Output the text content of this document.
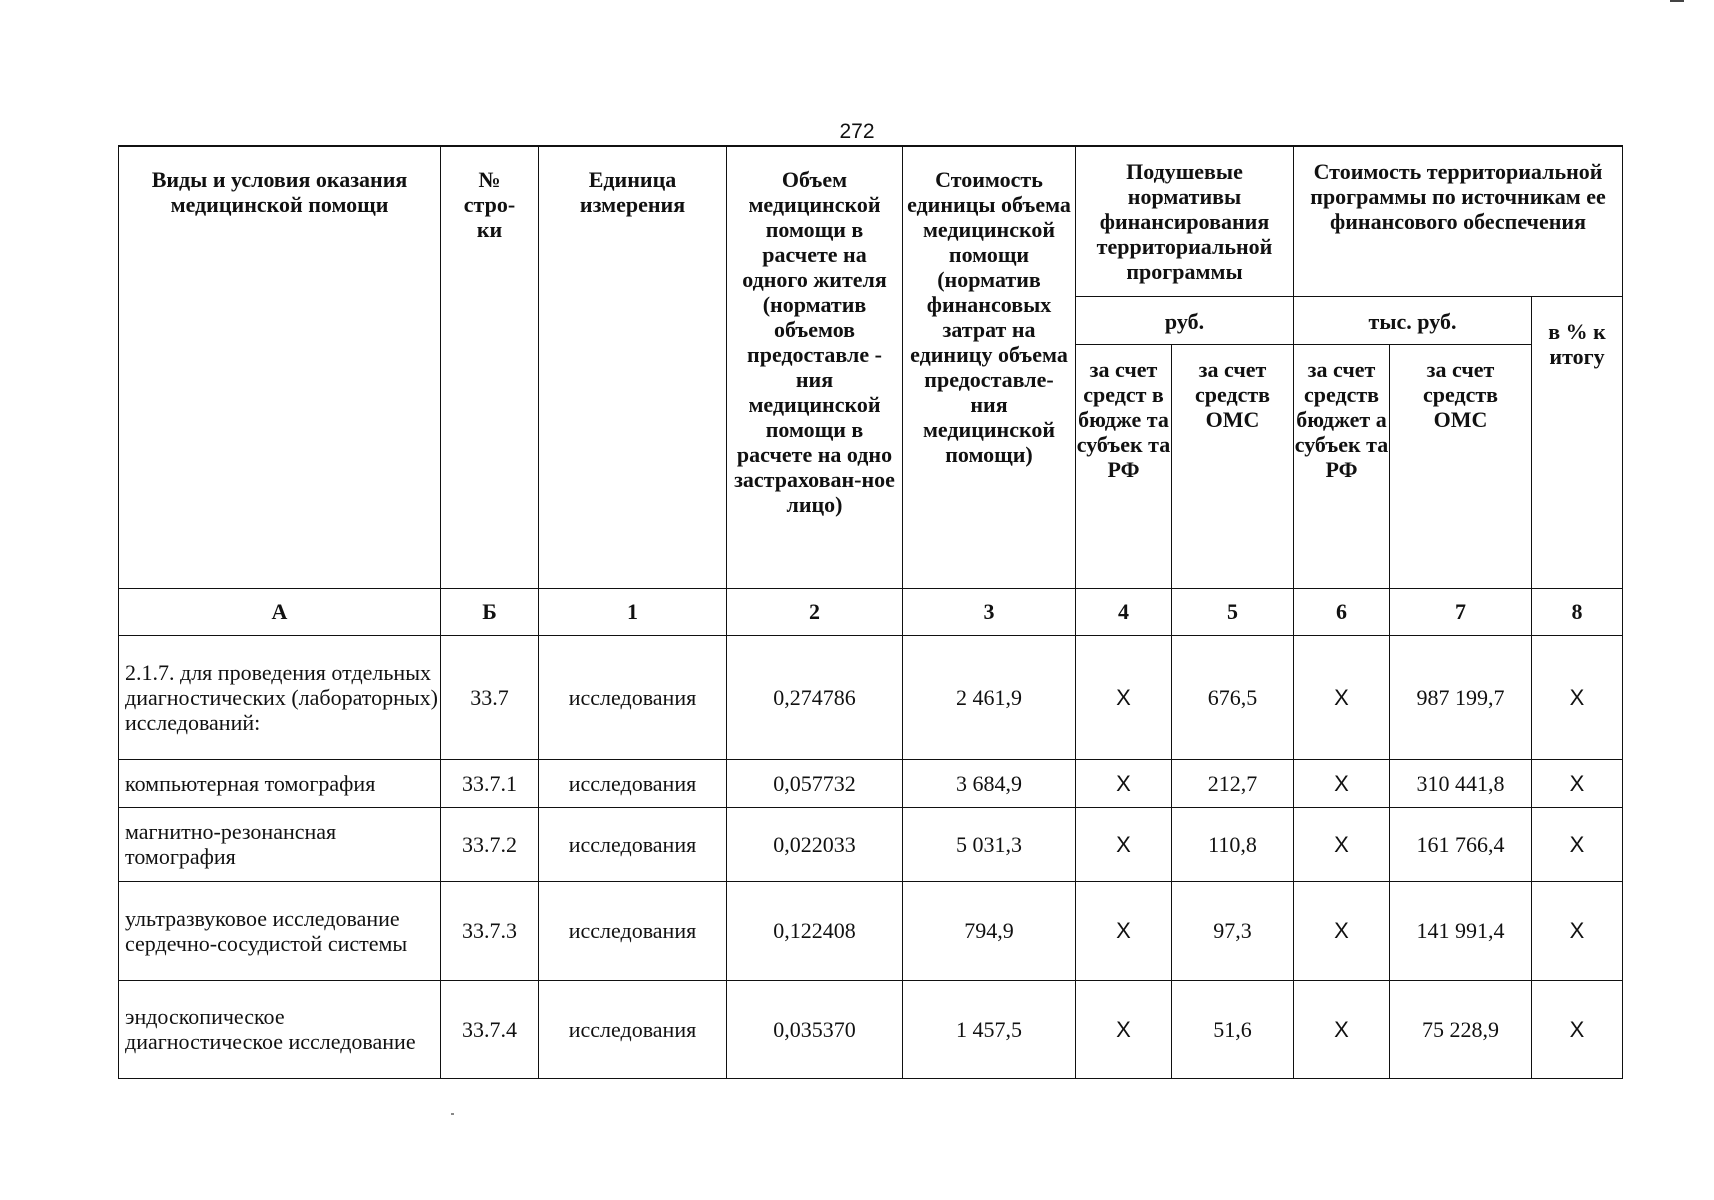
272
Виды и условия оказания медицинской помощи	№ стро-ки	Единица измерения	Объем медицинской помощи в расчете на одного жителя (норматив объемов предоставле - ния медицинской помощи в расчете на одно застрахован-ное лицо)	Стоимость единицы объема медицинской помощи (норматив финансовых затрат на единицу объема предоставле-ния медицинской помощи)	Подушевые нормативы финансирования территориальной программы		Стоимость территориальной программы по источникам ее финансового обеспечения		
					руб.		тыс. руб.		в % к итогу
					за счет средст в бюдже та субъек та РФ	за счет средств ОМС	за счет средств бюджет а субъек та РФ	за счет средств ОМС	
А	Б	1	2	3	4	5	6	7	8
2.1.7. для проведения отдельных диагностических (лабораторных) исследований:	33.7	исследования	0,274786	2 461,9	Х	676,5	Х	987 199,7	Х
компьютерная томография	33.7.1	исследования	0,057732	3 684,9	Х	212,7	Х	310 441,8	Х
магнитно-резонансная томография	33.7.2	исследования	0,022033	5 031,3	Х	110,8	Х	161 766,4	Х
ультразвуковое исследование сердечно-сосудистой системы	33.7.3	исследования	0,122408	794,9	Х	97,3	Х	141 991,4	Х
эндоскопическое диагностическое исследование	33.7.4	исследования	0,035370	1 457,5	Х	51,6	Х	75 228,9	Х
